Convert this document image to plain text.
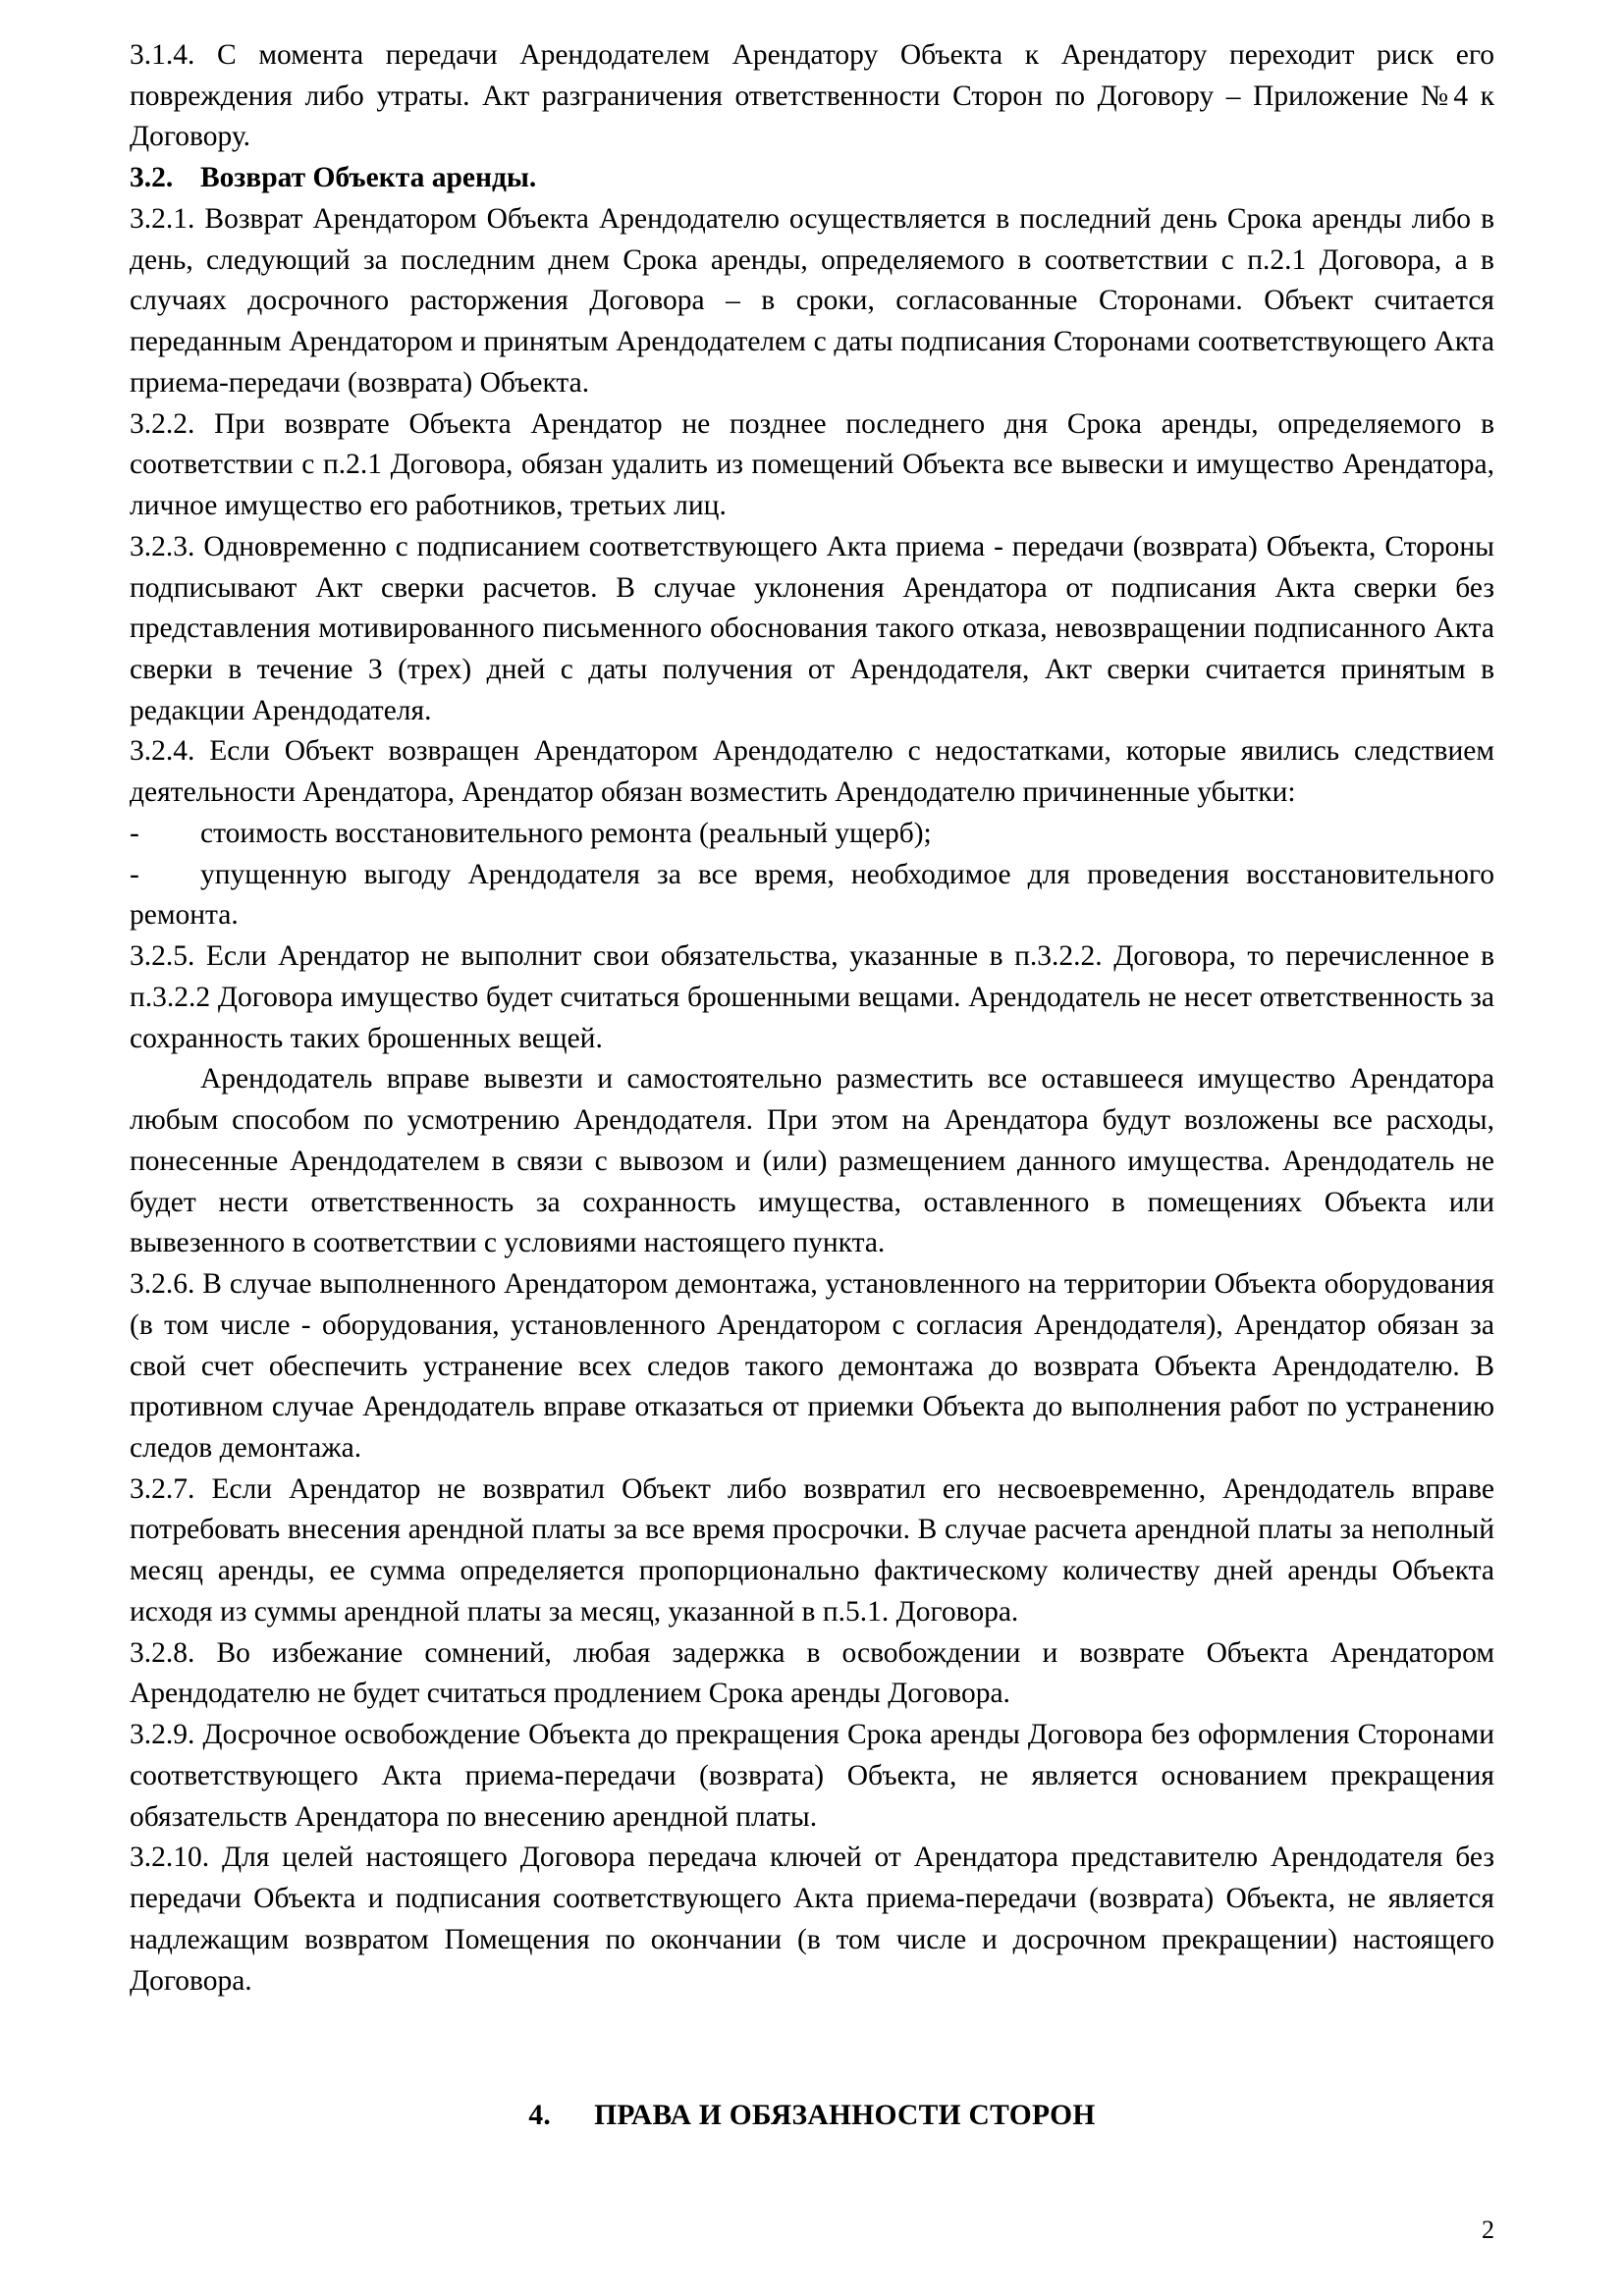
3.1.4. С момента передачи Арендодателем Арендатору Объекта к Арендатору переходит риск его повреждения либо утраты. Акт разграничения ответственности Сторон по Договору – Приложение №4 к Договору.

3.2. Возврат Объекта аренды.

3.2.1. Возврат Арендатором Объекта Арендодателю осуществляется в последний день Срока аренды либо в день, следующий за последним днем Срока аренды, определяемого в соответствии с п.2.1 Договора, а в случаях досрочного расторжения Договора – в сроки, согласованные Сторонами. Объект считается переданным Арендатором и принятым Арендодателем с даты подписания Сторонами соответствующего Акта приема-передачи (возврата) Объекта.

3.2.2. При возврате Объекта Арендатор не позднее последнего дня Срока аренды, определяемого в соответствии с п.2.1 Договора, обязан удалить из помещений Объекта все вывески и имущество Арендатора, личное имущество его работников, третьих лиц.

3.2.3. Одновременно с подписанием соответствующего Акта приема - передачи (возврата) Объекта, Стороны подписывают Акт сверки расчетов. В случае уклонения Арендатора от подписания Акта сверки без представления мотивированного письменного обоснования такого отказа, невозвращении подписанного Акта сверки в течение 3 (трех) дней с даты получения от Арендодателя, Акт сверки считается принятым в редакции Арендодателя.

3.2.4. Если Объект возвращен Арендатором Арендодателю с недостатками, которые явились следствием деятельности Арендатора, Арендатор обязан возместить Арендодателю причиненные убытки:

- стоимость восстановительного ремонта (реальный ущерб);

- упущенную выгоду Арендодателя за все время, необходимое для проведения восстановительного ремонта.

3.2.5. Если Арендатор не выполнит свои обязательства, указанные в п.3.2.2. Договора, то перечисленное в п.3.2.2 Договора имущество будет считаться брошенными вещами. Арендодатель не несет ответственность за сохранность таких брошенных вещей.

Арендодатель вправе вывезти и самостоятельно разместить все оставшееся имущество Арендатора любым способом по усмотрению Арендодателя. При этом на Арендатора будут возложены все расходы, понесенные Арендодателем в связи с вывозом и (или) размещением данного имущества. Арендодатель не будет нести ответственность за сохранность имущества, оставленного в помещениях Объекта или вывезенного в соответствии с условиями настоящего пункта.

3.2.6. В случае выполненного Арендатором демонтажа, установленного на территории Объекта оборудования (в том числе - оборудования, установленного Арендатором с согласия Арендодателя), Арендатор обязан за свой счет обеспечить устранение всех следов такого демонтажа до возврата Объекта Арендодателю. В противном случае Арендодатель вправе отказаться от приемки Объекта до выполнения работ по устранению следов демонтажа.

3.2.7. Если Арендатор не возвратил Объект либо возвратил его несвоевременно, Арендодатель вправе потребовать внесения арендной платы за все время просрочки. В случае расчета арендной платы за неполный месяц аренды, ее сумма определяется пропорционально фактическому количеству дней аренды Объекта исходя из суммы арендной платы за месяц, указанной в п.5.1. Договора.

3.2.8. Во избежание сомнений, любая задержка в освобождении и возврате Объекта Арендатором Арендодателю не будет считаться продлением Срока аренды Договора.

3.2.9. Досрочное освобождение Объекта до прекращения Срока аренды Договора без оформления Сторонами соответствующего Акта приема-передачи (возврата) Объекта, не является основанием прекращения обязательств Арендатора по внесению арендной платы.

3.2.10. Для целей настоящего Договора передача ключей от Арендатора представителю Арендодателя без передачи Объекта и подписания соответствующего Акта приема-передачи (возврата) Объекта, не является надлежащим возвратом Помещения по окончании (в том числе и досрочном прекращении) настоящего Договора.

4. ПРАВА И ОБЯЗАННОСТИ СТОРОН

2
